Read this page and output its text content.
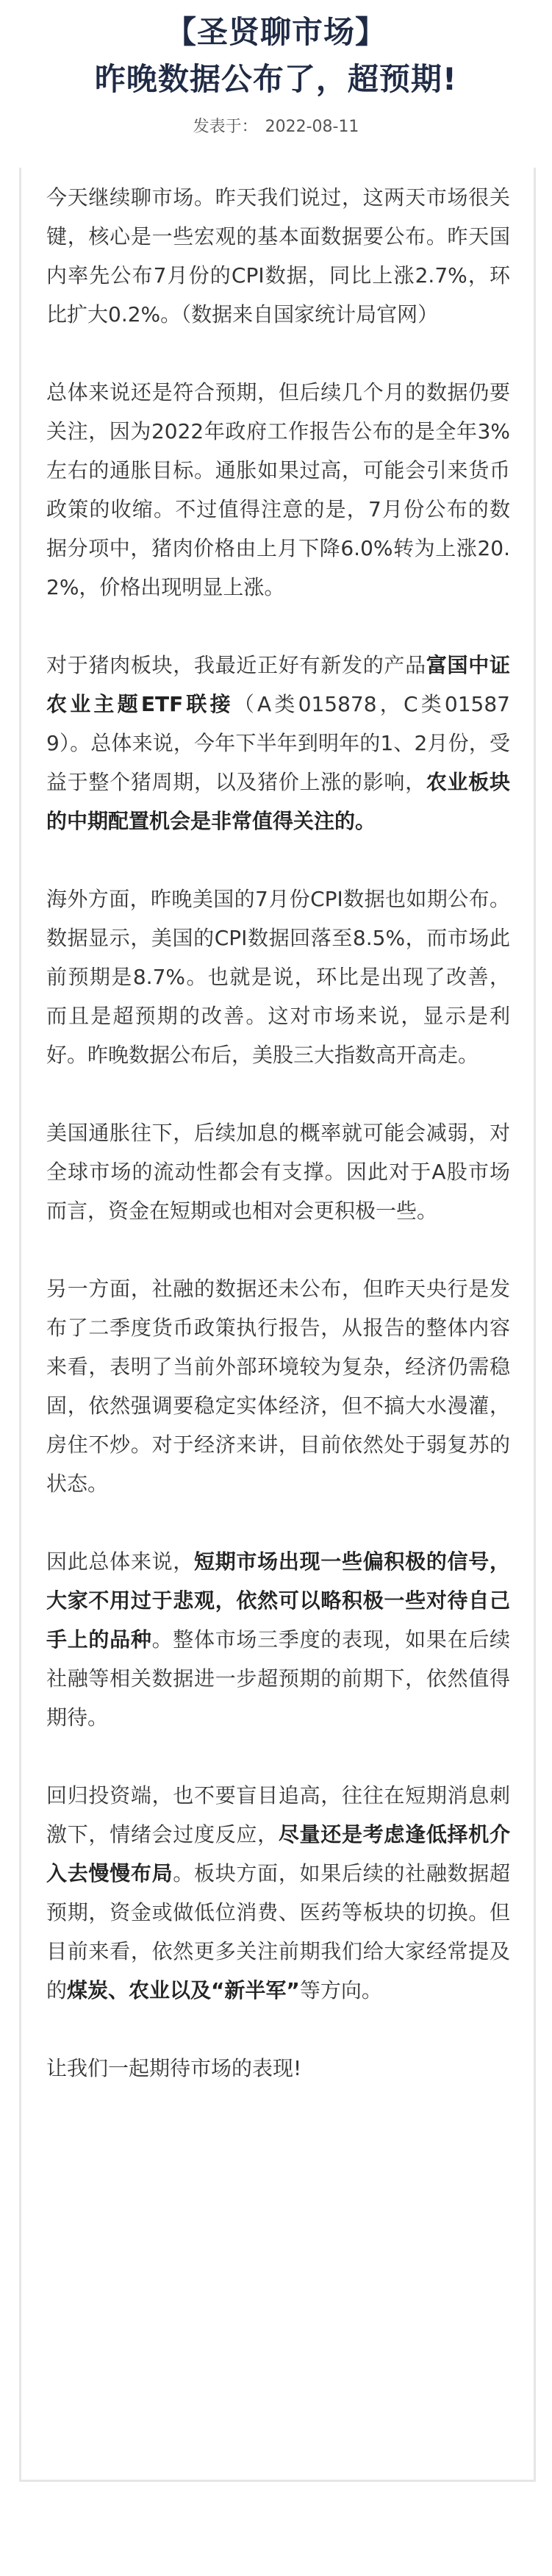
【圣贤聊市场】
昨晚数据公布了，超预期!
发表于： 2022-08-11

今天继续聊市场。昨天我们说过，这两天市场很关键，核心是一些宏观的基本面数据要公布。昨天国内率先公布7月份的CPI数据，同比上涨2.7%，环比扩大0.2%。（数据来自国家统计局官网）

总体来说还是符合预期，但后续几个月的数据仍要关注，因为2022年政府工作报告公布的是全年3%左右的通胀目标。通胀如果过高，可能会引来货币政策的收缩。不过值得注意的是，7月份公布的数据分项中，猪肉价格由上月下降6.0%转为上涨20.2%，价格出现明显上涨。

对于猪肉板块，我最近正好有新发的产品富国中证农业主题ETF联接（A类015878，C类015879）。总体来说，今年下半年到明年的1、2月份，受益于整个猪周期，以及猪价上涨的影响，农业板块的中期配置机会是非常值得关注的。

海外方面，昨晚美国的7月份CPI数据也如期公布。数据显示，美国的CPI数据回落至8.5%，而市场此前预期是8.7%。也就是说，环比是出现了改善，而且是超预期的改善。这对市场来说，显示是利好。昨晚数据公布后，美股三大指数高开高走。

美国通胀往下，后续加息的概率就可能会减弱，对全球市场的流动性都会有支撑。因此对于A股市场而言，资金在短期或也相对会更积极一些。

另一方面，社融的数据还未公布，但昨天央行是发布了二季度货币政策执行报告，从报告的整体内容来看，表明了当前外部环境较为复杂，经济仍需稳固，依然强调要稳定实体经济，但不搞大水漫灌，房住不炒。对于经济来讲，目前依然处于弱复苏的状态。

因此总体来说，短期市场出现一些偏积极的信号，大家不用过于悲观，依然可以略积极一些对待自己手上的品种。整体市场三季度的表现，如果在后续社融等相关数据进一步超预期的前期下，依然值得期待。

回归投资端，也不要盲目追高，往往在短期消息刺激下，情绪会过度反应，尽量还是考虑逢低择机介入去慢慢布局。板块方面，如果后续的社融数据超预期，资金或做低位消费、医药等板块的切换。但目前来看，依然更多关注前期我们给大家经常提及的煤炭、农业以及“新半军”等方向。

让我们一起期待市场的表现!
